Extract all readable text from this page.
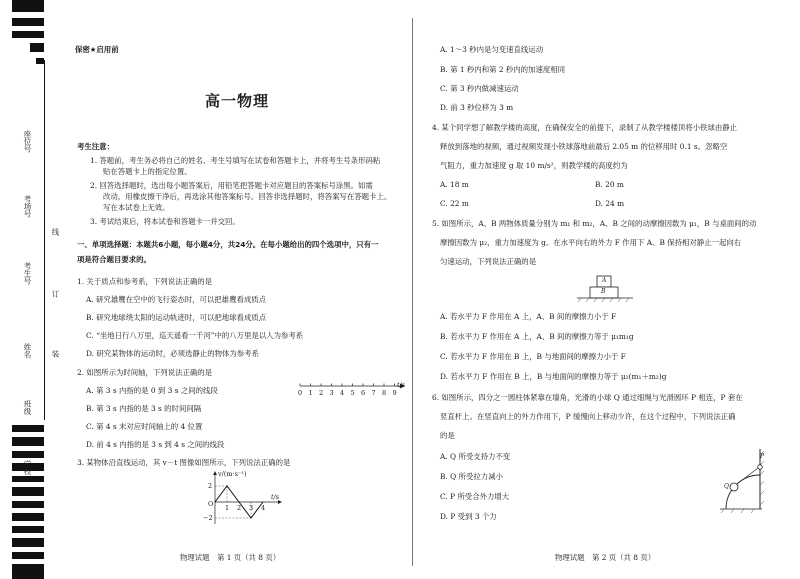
座位号
考场号
考生号
姓名
班级
学校
线
订
装
保密★启用前
高一物理
考生注意：
1. 答题前，考生务必将自己的姓名、考生号填写在试卷和答题卡上，并将考生号条形码粘
贴在答题卡上的指定位置。
2. 回答选择题时，选出每小题答案后，用铅笔把答题卡对应题目的答案标号涂黑。如需
改动，用橡皮擦干净后，再选涂其他答案标号。回答非选择题时，将答案写在答题卡上。
写在本试卷上无效。
3. 考试结束后，将本试卷和答题卡一并交回。
一、单项选择题：本题共6小题，每小题4分，共24分。在每小题给出的四个选项中，只有一
项是符合题目要求的。
1. 关于质点和参考系，下列说法正确的是
A. 研究雄鹰在空中的飞行姿态时，可以把雄鹰看成质点
B. 研究地球绕太阳的运动轨迹时，可以把地球看成质点
C. “坐地日行八万里，巡天遥看一千河”中的八万里是以人为参考系
D. 研究某物体的运动时，必须选静止的物体为参考系
2. 如图所示为时间轴，下列说法正确的是
A. 第 3 s 内指的是 0 到 3 s 之间的线段
B. 第 3 s 内指的是 3 s 的时间间隔
C. 第 4 s 末对应时间轴上的 4 位置
D. 前 4 s 内指的是 3 s 到 4 s 之间的线段
t/s
0 1 2 3 4 5 6 7 8 9
3. 某物体沿直线运动，其 v－t 图像如图所示，下列说法正确的是
v/(m·s⁻¹)
2
O
−2
1 2 3 4
t/s
物理试题　第 1 页（共 8 页）
A. 1～3 秒内是匀变速直线运动
B. 第 1 秒内和第 2 秒内的加速度相同
C. 第 3 秒内做减速运动
D. 前 3 秒位移为 3 m
4. 某个同学想了解教学楼的高度，在确保安全的前提下，录制了从教学楼楼顶将小铁球由静止
释放到落地的视频，通过视频发现小铁球落地前最后 2.05 m 的位移用时 0.1 s。忽略空
气阻力，重力加速度 g 取 10 m/s²，则教学楼的高度约为
A. 18 m	B. 20 m
C. 22 m	D. 24 m
5. 如图所示，A、B 两物体质量分别为 m₁ 和 m₂，A、B 之间的动摩擦因数为 μ₁，B 与桌面间的动
摩擦因数为 μ₂，重力加速度为 g。在水平向右的外力 F 作用下 A、B 保持相对静止一起向右
匀速运动，下列说法正确的是
A
B
A. 若水平力 F 作用在 A 上，A、B 间的摩擦力小于 F
B. 若水平力 F 作用在 A 上，A、B 间的摩擦力等于 μ₁m₁g
C. 若水平力 F 作用在 B 上，B 与地面间的摩擦力小于 F
D. 若水平力 F 作用在 B 上，B 与地面间的摩擦力等于 μ₂(m₁＋m₂)g
6. 如图所示，四分之一圆柱体紧靠在墙角，光滑的小球 Q 通过细绳与光滑圆环 P 相连，P 套在
竖直杆上。在竖直向上的外力作用下，P 缓慢向上移动少许，在这个过程中，下列说法正确
的是
A. Q 所受支持力不变
B. Q 所受拉力减小
C. P 所受合外力增大
D. P 受到 3 个力
P
Q
物理试题　第 2 页（共 8 页）
